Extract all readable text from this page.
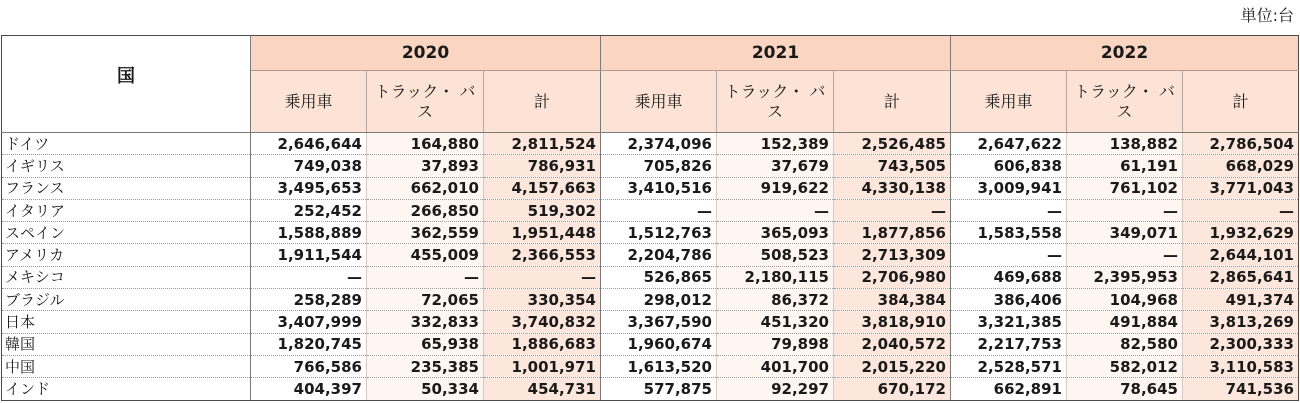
単位:台
国	2020			2021			2022		
	乗用車	トラック・ バス	計	乗用車	トラック・ バス	計	乗用車	トラック・ バス	計
ドイツ	2,646,644	164,880	2,811,524	2,374,096	152,389	2,526,485	2,647,622	138,882	2,786,504
イギリス	749,038	37,893	786,931	705,826	37,679	743,505	606,838	61,191	668,029
フランス	3,495,653	662,010	4,157,663	3,410,516	919,622	4,330,138	3,009,941	761,102	3,771,043
イタリア	252,452	266,850	519,302	—	—	—	—	—	—
スペイン	1,588,889	362,559	1,951,448	1,512,763	365,093	1,877,856	1,583,558	349,071	1,932,629
アメリカ	1,911,544	455,009	2,366,553	2,204,786	508,523	2,713,309	—	—	2,644,101
メキシコ	—	—	—	526,865	2,180,115	2,706,980	469,688	2,395,953	2,865,641
ブラジル	258,289	72,065	330,354	298,012	86,372	384,384	386,406	104,968	491,374
日本	3,407,999	332,833	3,740,832	3,367,590	451,320	3,818,910	3,321,385	491,884	3,813,269
韓国	1,820,745	65,938	1,886,683	1,960,674	79,898	2,040,572	2,217,753	82,580	2,300,333
中国	766,586	235,385	1,001,971	1,613,520	401,700	2,015,220	2,528,571	582,012	3,110,583
インド	404,397	50,334	454,731	577,875	92,297	670,172	662,891	78,645	741,536
